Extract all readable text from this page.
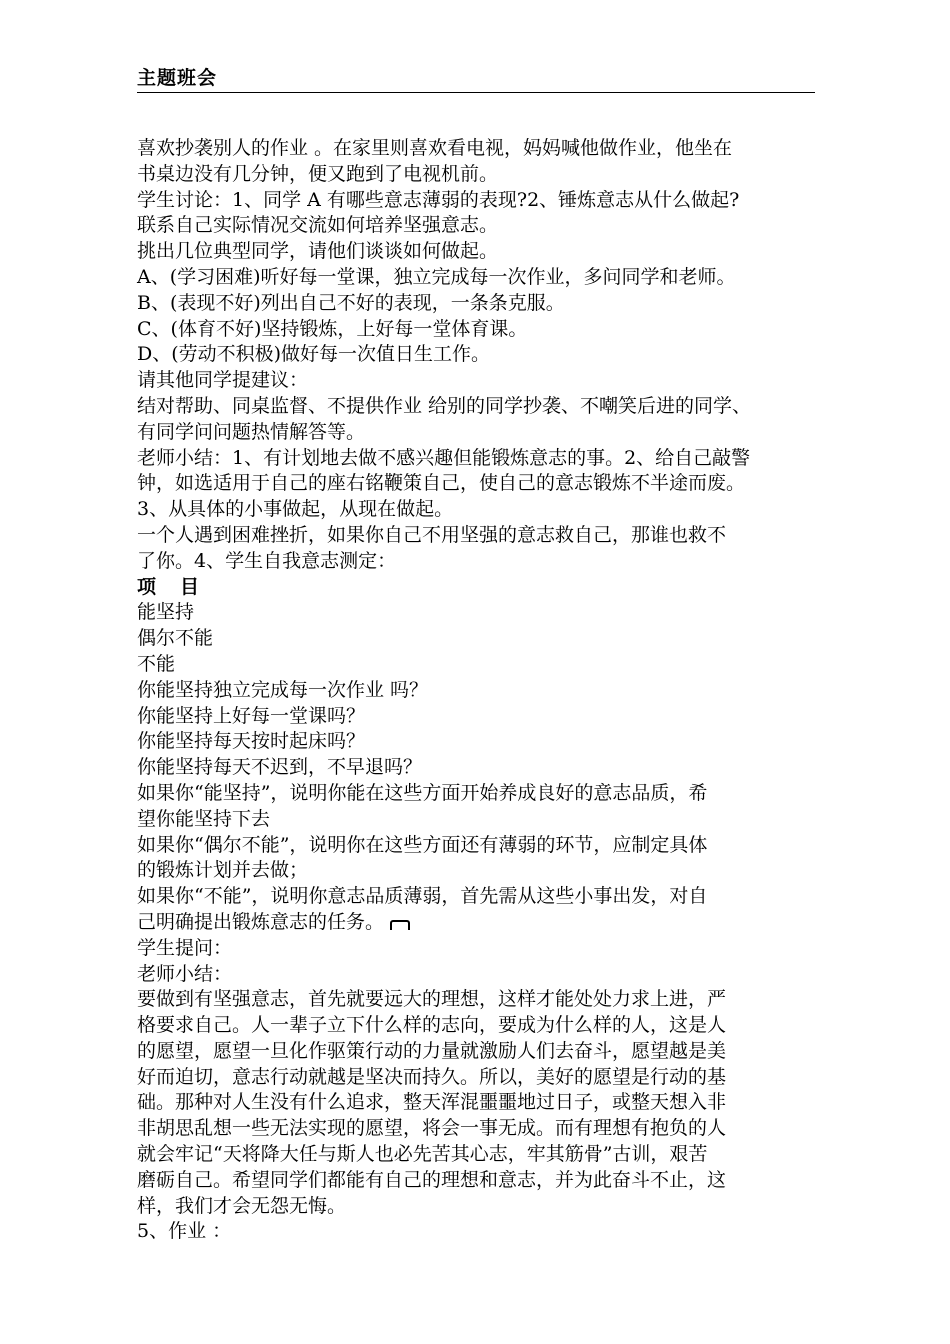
主题班会
喜欢抄袭别人的作业 。在家里则喜欢看电视，妈妈喊他做作业，他坐在
书桌边没有几分钟，便又跑到了电视机前。
学生讨论：1、同学 A 有哪些意志薄弱的表现?2、锤炼意志从什么做起?
联系自己实际情况交流如何培养坚强意志。
挑出几位典型同学，请他们谈谈如何做起。
A、(学习困难)听好每一堂课，独立完成每一次作业，多问同学和老师。
B、(表现不好)列出自己不好的表现，一条条克服。
C、(体育不好)坚持锻炼，上好每一堂体育课。
D、(劳动不积极)做好每一次值日生工作。
请其他同学提建议：
结对帮助、同桌监督、不提供作业 给别的同学抄袭、不嘲笑后进的同学、
有同学问问题热情解答等。
老师小结：1、有计划地去做不感兴趣但能锻炼意志的事。2、给自己敲警
钟，如选适用于自己的座右铭鞭策自己，使自己的意志锻炼不半途而废。
3、从具体的小事做起，从现在做起。
一个人遇到困难挫折，如果你自己不用坚强的意志救自己，那谁也救不
了你。4、学生自我意志测定：
项 目
能坚持
偶尔不能
不能
你能坚持独立完成每一次作业 吗？
你能坚持上好每一堂课吗？
你能坚持每天按时起床吗？
你能坚持每天不迟到，不早退吗？
如果你“能坚持”，说明你能在这些方面开始养成良好的意志品质，希
望你能坚持下去
如果你“偶尔不能”，说明你在这些方面还有薄弱的环节，应制定具体
的锻炼计划并去做；
如果你“不能”，说明你意志品质薄弱，首先需从这些小事出发，对自
己明确提出锻炼意志的任务。
学生提问：
老师小结：
要做到有坚强意志，首先就要远大的理想，这样才能处处力求上进，严
格要求自己。人一辈子立下什么样的志向，要成为什么样的人，这是人
的愿望，愿望一旦化作驱策行动的力量就激励人们去奋斗，愿望越是美
好而迫切，意志行动就越是坚决而持久。所以，美好的愿望是行动的基
础。那种对人生没有什么追求，整天浑混噩噩地过日子，或整天想入非
非胡思乱想一些无法实现的愿望，将会一事无成。而有理想有抱负的人
就会牢记“天将降大任与斯人也必先苦其心志，牢其筋骨”古训，艰苦
磨砺自己。希望同学们都能有自己的理想和意志，并为此奋斗不止，这
样，我们才会无怨无悔。
5、作业 ：
